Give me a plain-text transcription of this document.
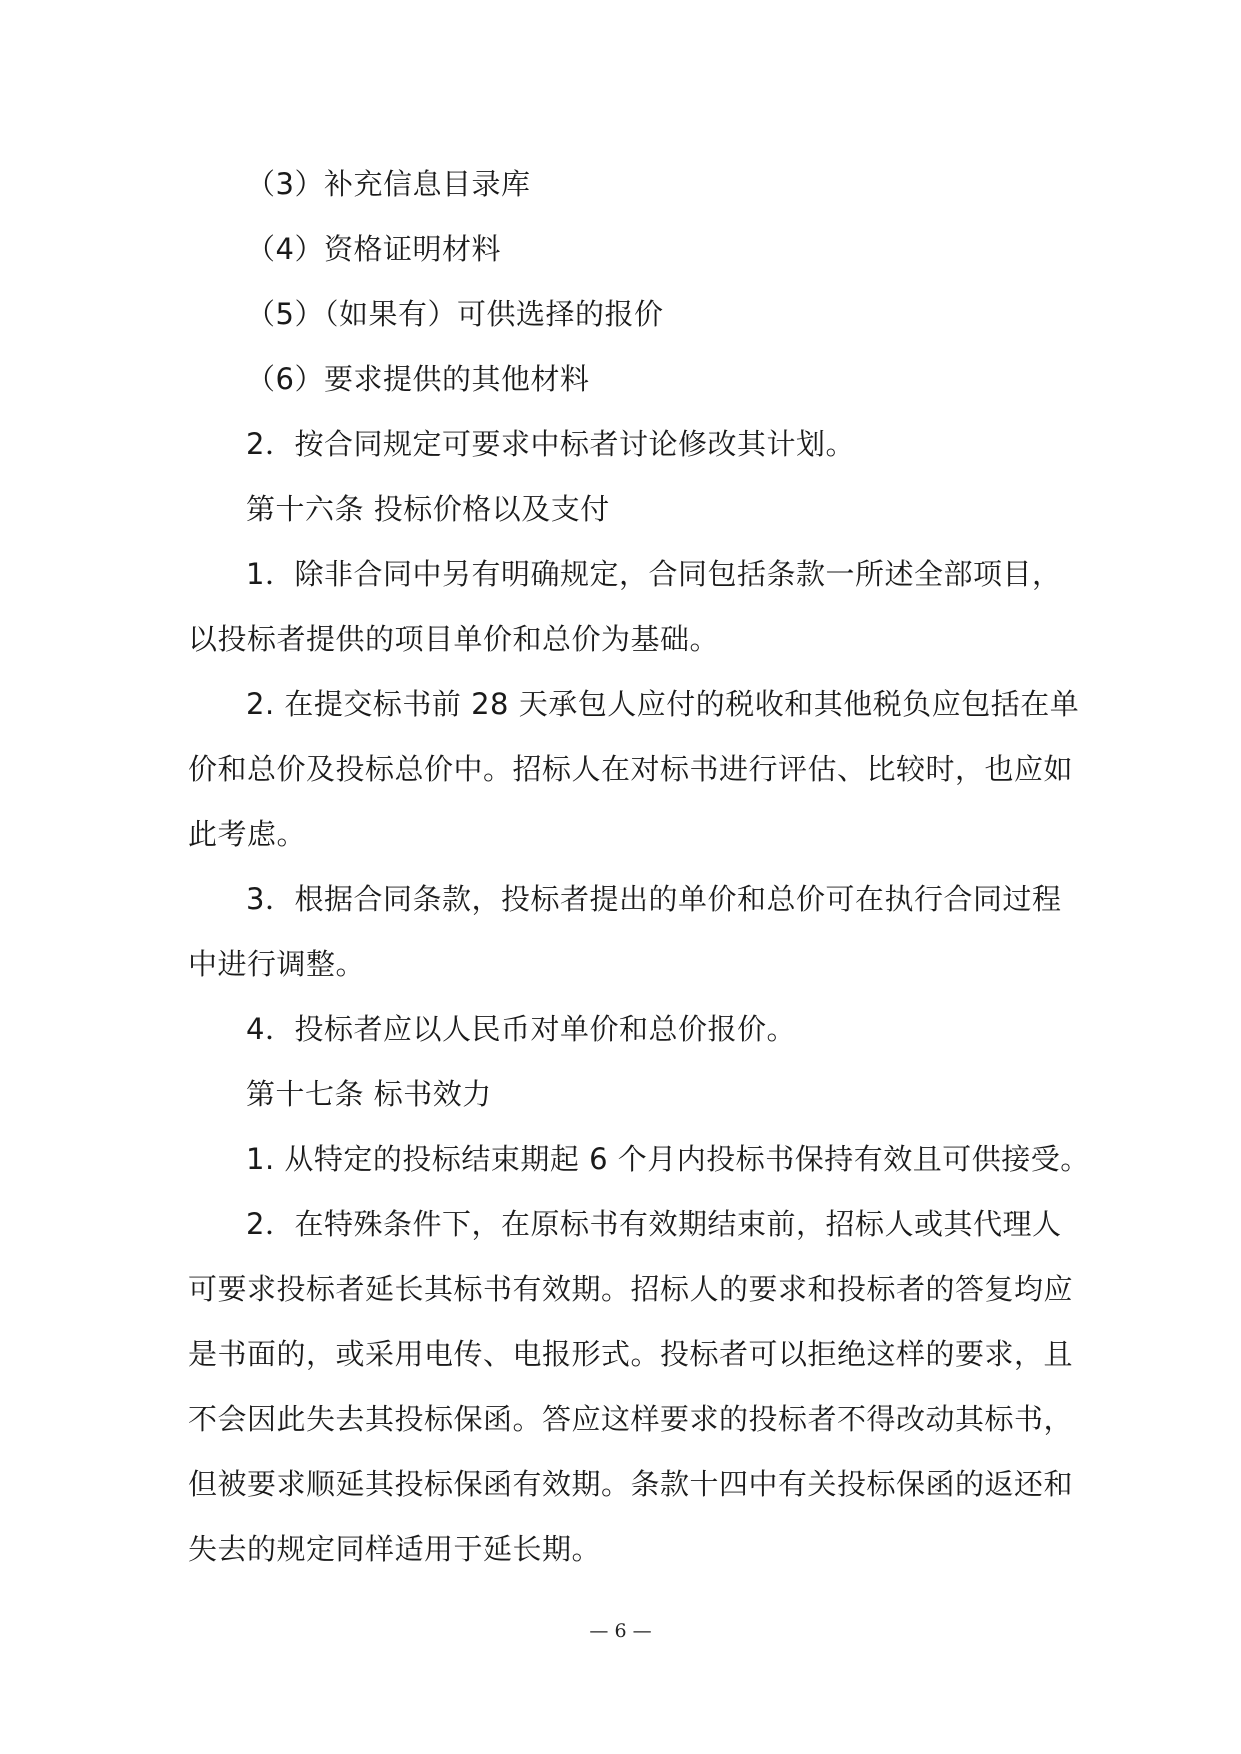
（3）补充信息目录库
（4）资格证明材料
（5）（如果有）可供选择的报价
（6）要求提供的其他材料
2．按合同规定可要求中标者讨论修改其计划。
第十六条 投标价格以及支付
1．除非合同中另有明确规定，合同包括条款一所述全部项目，
以投标者提供的项目单价和总价为基础。
2. 在提交标书前 28 天承包人应付的税收和其他税负应包括在单
价和总价及投标总价中。招标人在对标书进行评估、比较时，也应如
此考虑。
3．根据合同条款，投标者提出的单价和总价可在执行合同过程
中进行调整。
4．投标者应以人民币对单价和总价报价。
第十七条 标书效力
1. 从特定的投标结束期起 6 个月内投标书保持有效且可供接受。
2．在特殊条件下，在原标书有效期结束前，招标人或其代理人
可要求投标者延长其标书有效期。招标人的要求和投标者的答复均应
是书面的，或采用电传、电报形式。投标者可以拒绝这样的要求，且
不会因此失去其投标保函。答应这样要求的投标者不得改动其标书，
但被要求顺延其投标保函有效期。条款十四中有关投标保函的返还和
失去的规定同样适用于延长期。
— 6 —
